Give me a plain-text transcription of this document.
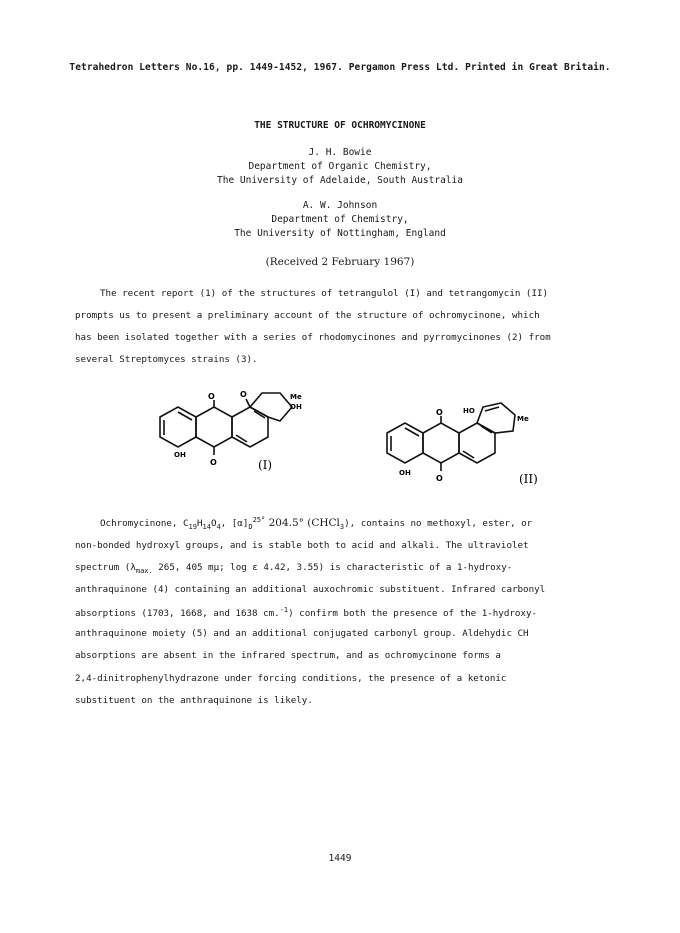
Tetrahedron Letters No.16, pp. 1449-1452, 1967. Pergamon Press Ltd. Printed in Great Britain.
THE STRUCTURE OF OCHROMYCINONE
J. H. Bowie
Department of Organic Chemistry,
The University of Adelaide, South Australia
A. W. Johnson
Department of Chemistry,
The University of Nottingham, England
(Received 2 February 1967)
The recent report (1) of the structures of tetrangulol (I) and tetrangomycin (II)
prompts us to present a preliminary account of the structure of ochromycinone, which
has been isolated together with a series of rhodomycinones and pyrromycinones (2) from
several Streptomyces strains (3).
O	O
O
Me
OH
OH
(I)
O
O
HO
Me
OH	(II)
Ochromycinone, $C_{19}H_{14}O_4$, $[\alpha]_D^{25^\circ}$ 204.5° (CHCl$_3$), contains no methoxyl, ester, or
non-bonded hydroxyl groups, and is stable both to acid and alkali. The ultraviolet
spectrum ($\lambda_{max.}$ 265, 405 mμ; log ε 4.42, 3.55) is characteristic of a 1-hydroxy-
anthraquinone (4) containing an additional auxochromic substituent. Infrared carbonyl
absorptions (1703, 1668, and 1638 cm.$^{-1}$) confirm both the presence of the 1-hydroxy-
anthraquinone moiety (5) and an additional conjugated carbonyl group. Aldehydic CH
absorptions are absent in the infrared spectrum, and as ochromycinone forms a
2,4-dinitrophenylhydrazone under forcing conditions, the presence of a ketonic
substituent on the anthraquinone is likely.
1449
